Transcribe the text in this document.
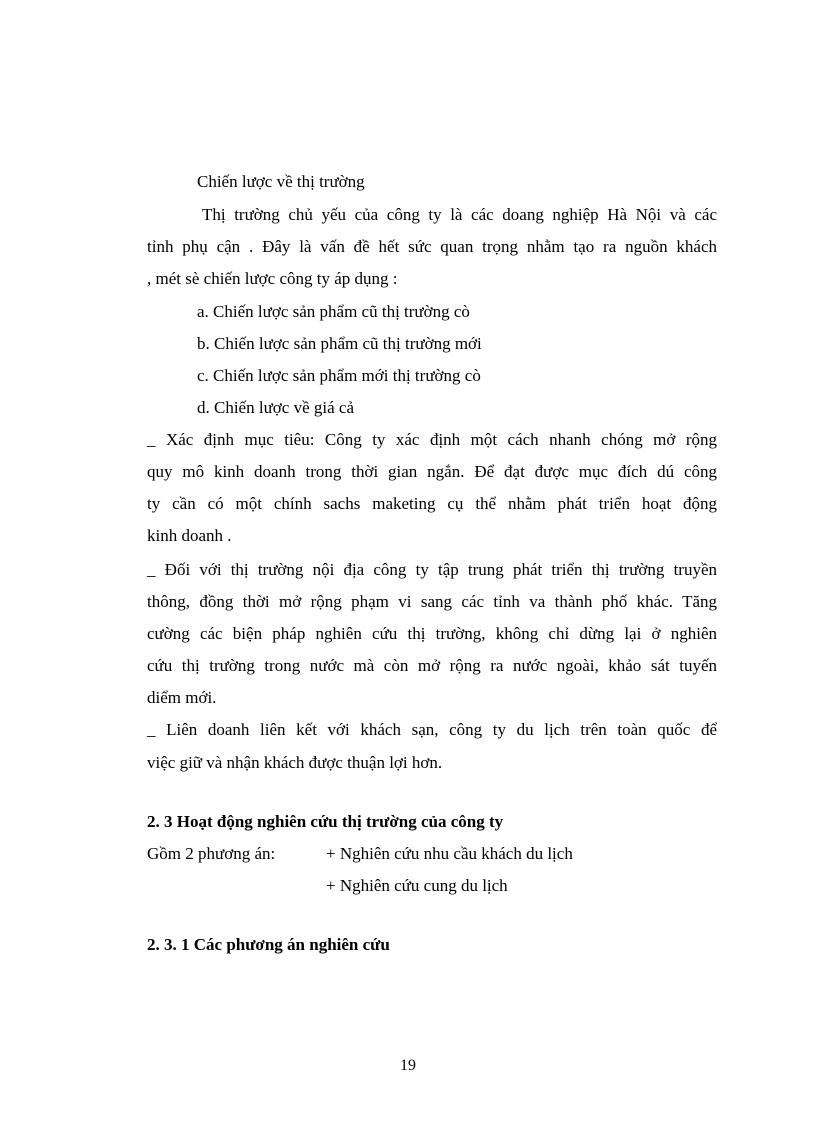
Chiến lược về thị trường
Thị trường chủ yếu của công ty là các doang nghiệp Hà Nội và các
tỉnh phụ cận . Đây là vấn đề hết sức quan trọng nhằm tạo ra nguồn khách
, mét sè chiến lược công ty áp dụng :
a. Chiến lược sản phẩm cũ thị trường cò
b. Chiến lược sản phẩm cũ thị trường mới
c. Chiến lược sản phẩm mới thị trường cò
d. Chiến lược về giá cả
_ Xác định mục tiêu: Công ty xác định một cách nhanh chóng mở rộng
quy mô kinh doanh trong thời gian ngắn. Để đạt được mục đích dú công
ty cần có một chính sachs maketing cụ thể nhằm phát triển hoạt động
kinh doanh .
_ Đối với thị trường nội địa công ty tập trung phát triển thị trường truyền
thông, đồng thời mở rộng phạm vi sang các tỉnh va thành phố khác. Tăng
cường các biện pháp nghiên cứu thị trường, không chỉ dừng lại ở nghiên
cứu thị trường trong nước mà còn mở rộng ra nước ngoài, khảo sát tuyến
diểm mới.
_ Liên doanh liên kết với khách sạn, công ty du lịch trên toàn quốc để
việc giữ và nhận khách được thuận lợi hơn.
2. 3 Hoạt động nghiên cứu thị trường của công ty
Gồm 2 phương án:	+ Nghiên cứu nhu cầu khách du lịch
+ Nghiên cứu cung du lịch
2. 3. 1 Các phương án nghiên cứu
19
